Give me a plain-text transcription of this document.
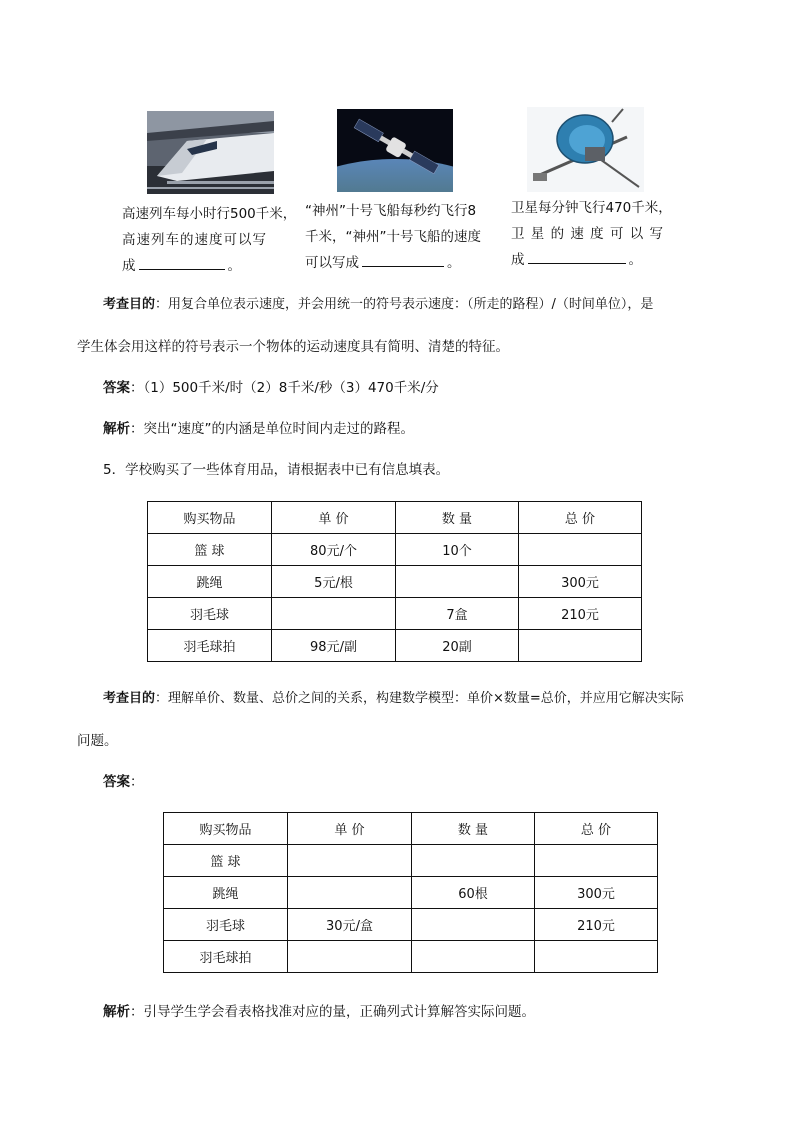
高速列车每小时行500千米，
高速列车的速度可以写
成	。
“神州”十号飞船每秒约飞行8
千米，“神州”十号飞船的速度
可以写成	。
卫星每分钟飞行470千米，
卫 星 的 速 度 可 以 写
成	。
考查目的：用复合单位表示速度，并会用统一的符号表示速度：（所走的路程）/（时间单位），是
学生体会用这样的符号表示一个物体的运动速度具有简明、清楚的特征。
答案：（1）500千米/时（2）8千米/秒（3）470千米/分
解析：突出“速度”的内涵是单位时间内走过的路程。
5．学校购买了一些体育用品，请根据表中已有信息填表。
购买物品	单 价	数 量	总 价
篮 球	80元/个	10个	
跳绳	5元/根		300元
羽毛球		7盒	210元
羽毛球拍	98元/副	20副	
考查目的：理解单价、数量、总价之间的关系，构建数学模型：单价×数量=总价，并应用它解决实际
问题。
答案：
购买物品	单 价	数 量	总 价
篮 球			
跳绳		60根	300元
羽毛球	30元/盒		210元
羽毛球拍			
解析：引导学生学会看表格找准对应的量，正确列式计算解答实际问题。
